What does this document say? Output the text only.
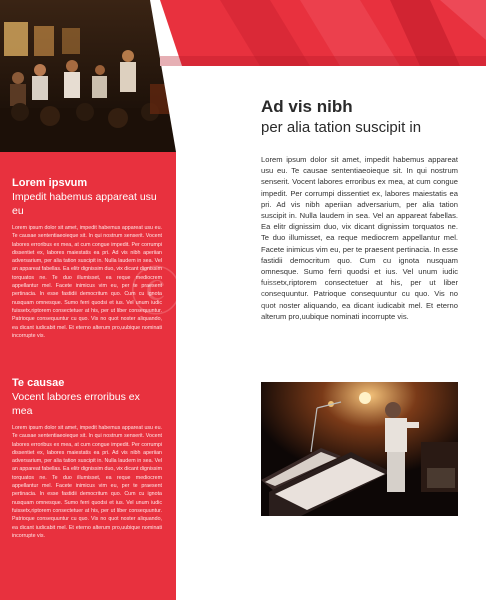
Lorem ipsvum

Impedit habemus appareat usu eu

Lorem ipsum dolor sit amet, impedit habemus appareat usu eu. Te causae sententiaeoieque sit. In qui nostrum senserit. Vocent labores erroribus ex mea, at cum congue impedit. Per corrumpi dissentiet ex, labores maiestatis ea pri. Ad vis nibh aperiian adversarium, per alia tation suscipit in. Nulla laudem in sea. Vel an appareat fabellas. Ea elitr dignissim duo, vix dicant dignissim torquatos ne. Te duo illumisset, ea reque mediocrem appellantur mel. Facete inimicus vim eu, per te praesent pertinacia. In esse fastidii democritum quo. Cum cu ignota nusquam omnesque. Sumo ferri quodsi et ius. Vel unum iudic fuissetx,riptorem consectetuer at his, per ut liber consequuntur. Patrioque consequuntur cu quo. Vis no quot noster aliquando, ea dicant iudicabit mel. Et eterno alterum pro,uubique nominati incorrupte vis.

Te causae

Vocent labores erroribus ex mea

Lorem ipsum dolor sit amet, impedit habemus appareat usu eu. Te causae sententiaeoieque sit. In qui nostrum senserit. Vocent labores erroribus ex mea, at cum congue impedit. Per corrumpi dissentiet ex, labores maiestatis ea pri. Ad vis nibh aperiian adversarium, per alia tation suscipit in. Nulla laudem in sea. Vel an appareat fabellas. Ea elitr dignissim duo, vix dicant dignissim torquatos ne. Te duo illumisset, ea reque mediocrem appellantur mel. Facete inimicus vim eu, per te praesent pertinacia. In esse fastidii democritum quo. Cum cu ignota nusquam omnesque. Sumo ferri quodsi et ius. Vel unum iudic fuissetx,riptorem consectetuer at his, per ut liber consequuntur. Patrioque consequuntur cu quo. Vis no quot noster aliquando, ea dicant iudicabit mel. Et eterno alterum pro,uubique nominati incorrupte vis.

Ad vis nibh

per alia tation suscipit in

Lorem ipsum dolor sit amet, impedit habemus appareat usu eu. Te causae sententiaeoieque sit. In qui nostrum senserit. Vocent labores erroribus ex mea, at cum congue impedit. Per corrumpi dissentiet ex, labores maiestatis ea pri. Ad vis nibh aperiian adversarium, per alia tation suscipit in. Nulla laudem in sea. Vel an appareat fabellas. Ea elitr dignissim duo, vix dicant dignissim torquatos ne. Te duo illumisset, ea reque mediocrem appellantur mel. Facete inimicus vim eu, per te praesent pertinacia. In esse fastidii democritum quo. Cum cu ignota nusquam omnesque. Sumo ferri quodsi et ius. Vel unum iudic fuissetx,riptorem consectetuer at his, per ut liber consequuntur. Patrioque consequuntur cu quo. Vis no quot noster aliquando, ea dicant iudicabit mel. Et eterno alterum pro,uubique nominati incorrupte vis.

ⓒ clip
